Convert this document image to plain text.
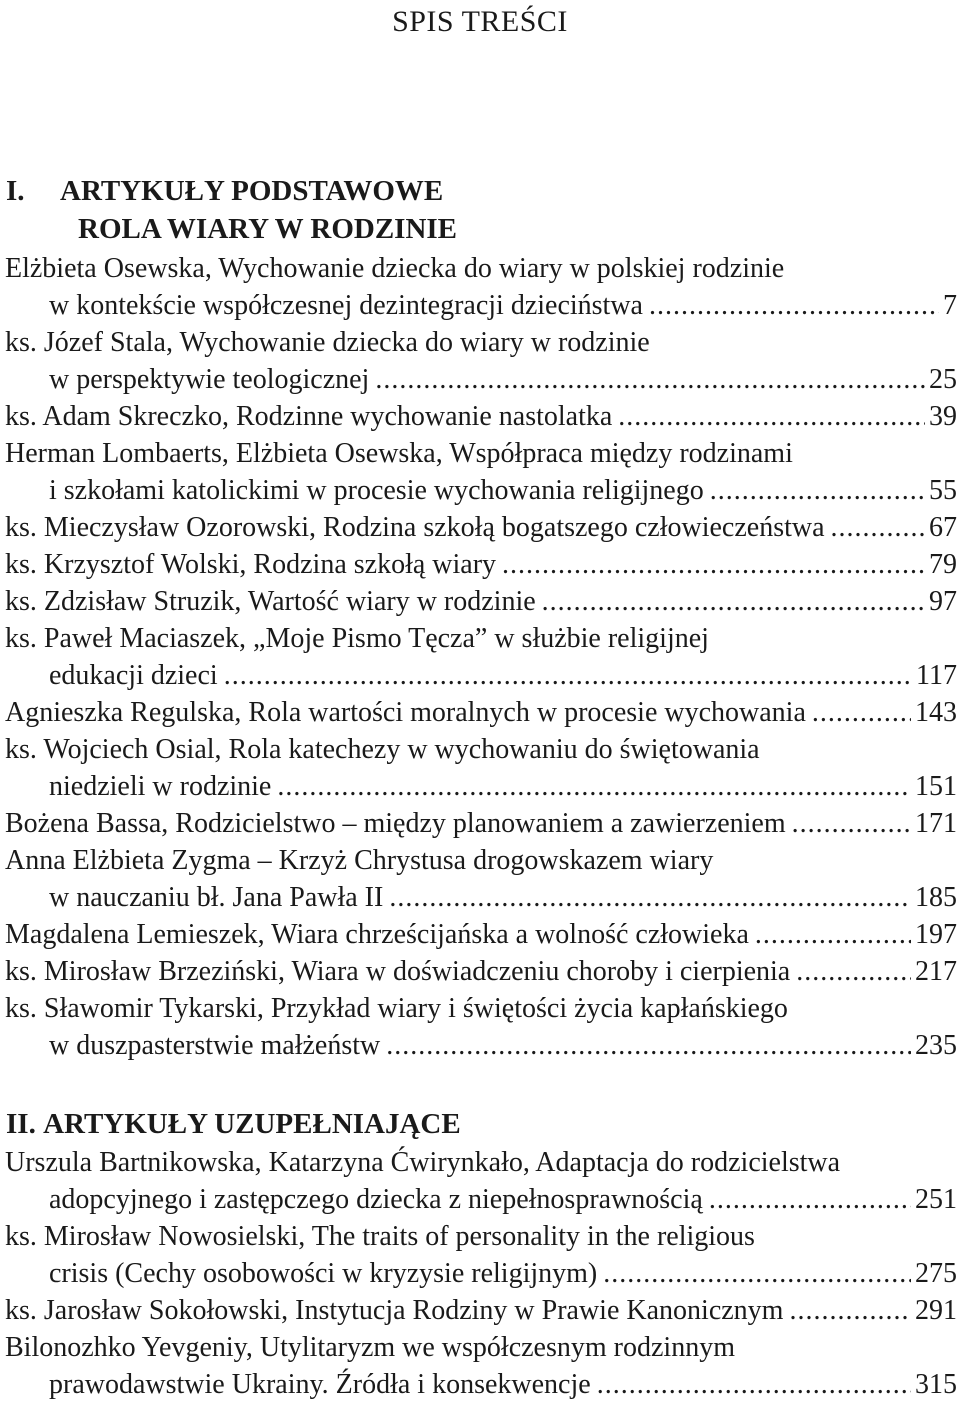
SPIS TREŚCI
I. ARTYKUŁY PODSTAWOWE
ROLA WIARY W RODZINIE
Elżbieta Osewska, Wychowanie dziecka do wiary w polskiej rodzinie
w kontekście współczesnej dezintegracji dzieciństwa .....	7
ks. Józef Stala, Wychowanie dziecka do wiary w rodzinie
w perspektywie teologicznej .....	25
ks. Adam Skreczko, Rodzinne wychowanie nastolatka .....	39
Herman Lombaerts, Elżbieta Osewska, Współpraca między rodzinami
i szkołami katolickimi w procesie wychowania religijnego .....	55
ks. Mieczysław Ozorowski, Rodzina szkołą bogatszego człowieczeństwa .....	67
ks. Krzysztof Wolski, Rodzina szkołą wiary .....	79
ks. Zdzisław Struzik, Wartość wiary w rodzinie .....	97
ks. Paweł Maciaszek, „Moje Pismo Tęcza” w służbie religijnej
edukacji dzieci .....	117
Agnieszka Regulska, Rola wartości moralnych w procesie wychowania .....	143
ks. Wojciech Osial, Rola katechezy w wychowaniu do świętowania
niedzieli w rodzinie .....	151
Bożena Bassa, Rodzicielstwo – między planowaniem a zawierzeniem .....	171
Anna Elżbieta Zygma – Krzyż Chrystusa drogowskazem wiary
w nauczaniu bł. Jana Pawła II .....	185
Magdalena Lemieszek, Wiara chrześcijańska a wolność człowieka .....	197
ks. Mirosław Brzeziński, Wiara w doświadczeniu choroby i cierpienia .....	217
ks. Sławomir Tykarski, Przykład wiary i świętości życia kapłańskiego
w duszpasterstwie małżeństw .....	235
II. ARTYKUŁY UZUPEŁNIAJĄCE
Urszula Bartnikowska, Katarzyna Ćwirynkało, Adaptacja do rodzicielstwa
adopcyjnego i zastępczego dziecka z niepełnosprawnością .....	251
ks. Mirosław Nowosielski, The traits of personality in the religious
crisis (Cechy osobowości w kryzysie religijnym) .....	275
ks. Jarosław Sokołowski, Instytucja Rodziny w Prawie Kanonicznym .....	291
Bilonozhko Yevgeniy, Utylitaryzm we współczesnym rodzinnym
prawodawstwie Ukrainy. Źródła i konsekwencje .....	315
